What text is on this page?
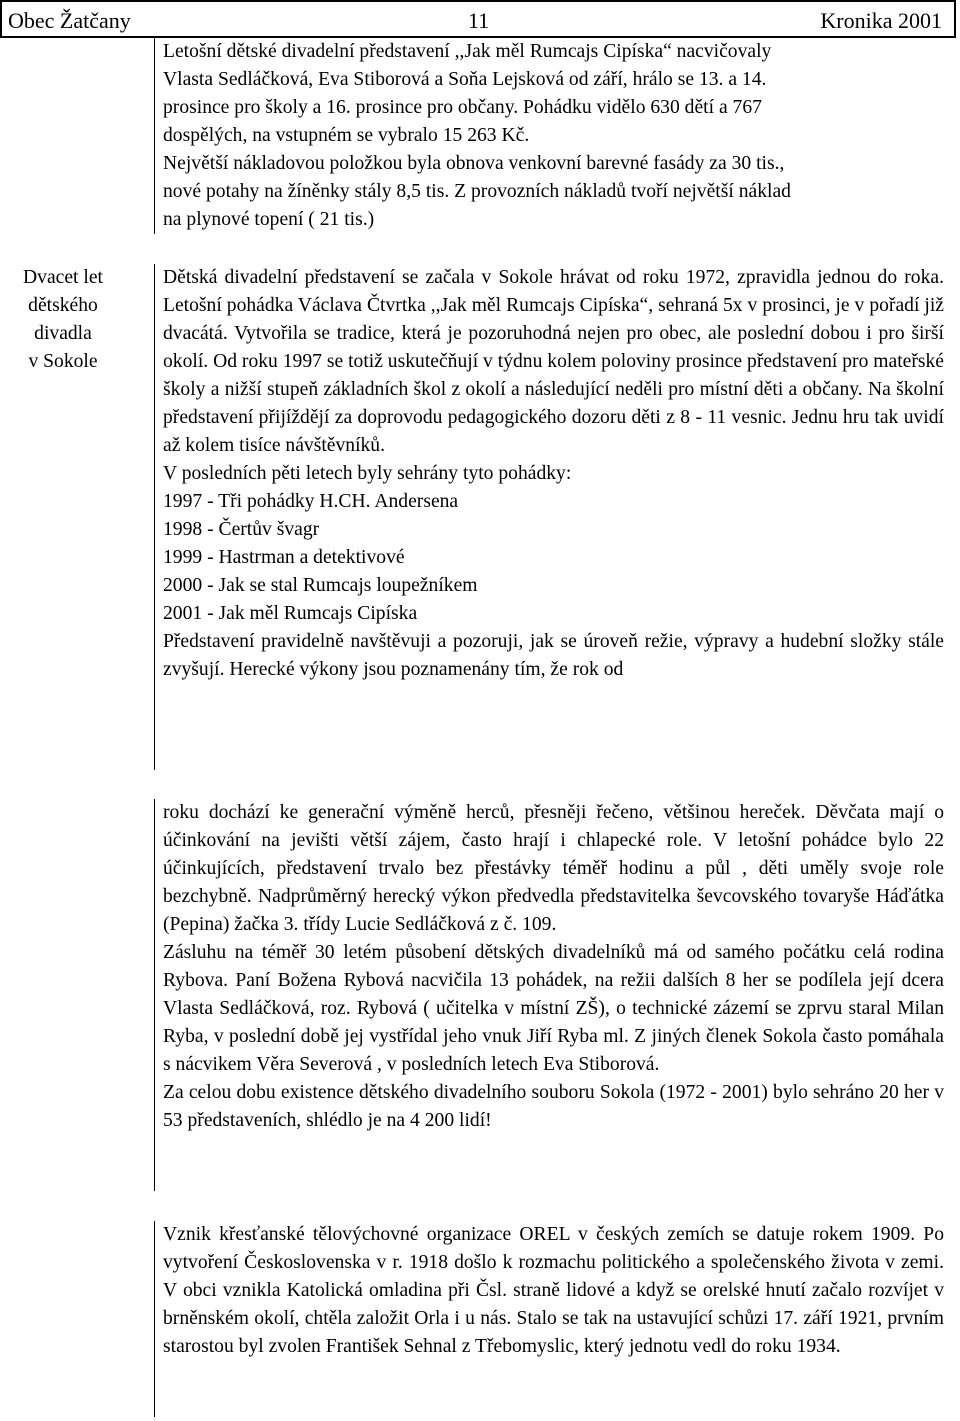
Obec Žatčany	11	Kronika 2001

Letošní dětské divadelní představení ,,Jak měl Rumcajs Cipíska“ nacvičovaly

Vlasta Sedláčková, Eva Stiborová a Soňa Lejsková od září, hrálo se 13. a 14.

prosince pro školy a 16. prosince pro občany. Pohádku vidělo 630 dětí a 767

dospělých, na vstupném se vybralo 15 263 Kč.

Největší nákladovou položkou byla obnova venkovní barevné fasády za 30 tis.,

nové potahy na žíněnky stály 8,5 tis. Z provozních nákladů tvoří největší náklad

na plynové topení ( 21 tis.)

Dvacet let
dětského
divadla
v Sokole

Dětská divadelní představení se začala v Sokole hrávat od roku 1972, zpravidla jednou do roka. Letošní pohádka Václava Čtvrtka ,,Jak měl Rumcajs Cipíska“, sehraná 5x v prosinci, je v pořadí již dvacátá. Vytvořila se tradice, která je pozoruhodná nejen pro obec, ale poslední dobou i pro širší okolí. Od roku 1997 se totiž uskutečňují v týdnu kolem poloviny prosince představení pro mateřské školy a nižší stupeň základních škol z okolí a následující neděli pro místní děti a občany. Na školní představení přijíždějí za doprovodu pedagogického dozoru děti z 8 - 11 vesnic. Jednu hru tak uvidí až kolem tisíce návštěvníků.

V posledních pěti letech byly sehrány tyto pohádky:

1997 - Tři pohádky H.CH. Andersena

1998 - Čertův švagr

1999 - Hastrman a detektivové

2000 - Jak se stal Rumcajs loupežníkem

2001 - Jak měl Rumcajs Cipíska

Představení pravidelně navštěvuji a pozoruji, jak se úroveň režie, výpravy a hudební složky stále zvyšují. Herecké výkony jsou poznamenány tím, že rok od

roku dochází ke generační výměně herců, přesněji řečeno, většinou hereček. Děvčata mají o účinkování na jevišti větší zájem, často hrají i chlapecké role. V letošní pohádce bylo 22 účinkujících, představení trvalo bez přestávky téměř hodinu a půl , děti uměly svoje role bezchybně. Nadprůměrný herecký výkon předvedla představitelka ševcovského tovaryše Háďátka (Pepina) žačka 3. třídy Lucie Sedláčková z č. 109.

Zásluhu na téměř 30 letém působení dětských divadelníků má od samého počátku celá rodina Rybova. Paní Božena Rybová nacvičila 13 pohádek, na režii dalších 8 her se podílela její dcera Vlasta Sedláčková, roz. Rybová ( učitelka v místní ZŠ), o technické zázemí se zprvu staral Milan Ryba, v poslední době jej vystřídal jeho vnuk Jiří Ryba ml. Z jiných členek Sokola často pomáhala s nácvikem Věra Severová , v posledních letech Eva Stiborová.

Za celou dobu existence dětského divadelního souboru Sokola (1972 - 2001) bylo sehráno 20 her v 53 představeních, shlédlo je na 4 200 lidí!

Vznik křesťanské tělovýchovné organizace OREL v českých zemích se datuje rokem 1909. Po vytvoření Československa v r. 1918 došlo k rozmachu politického a společenského života v zemi. V obci vznikla Katolická omladina při Čsl. straně lidové a když se orelské hnutí začalo rozvíjet v brněnském okolí, chtěla založit Orla i u nás. Stalo se tak na ustavující schůzi 17. září 1921, prvním starostou byl zvolen František Sehnal z Třebomyslic, který jednotu vedl do roku 1934.
